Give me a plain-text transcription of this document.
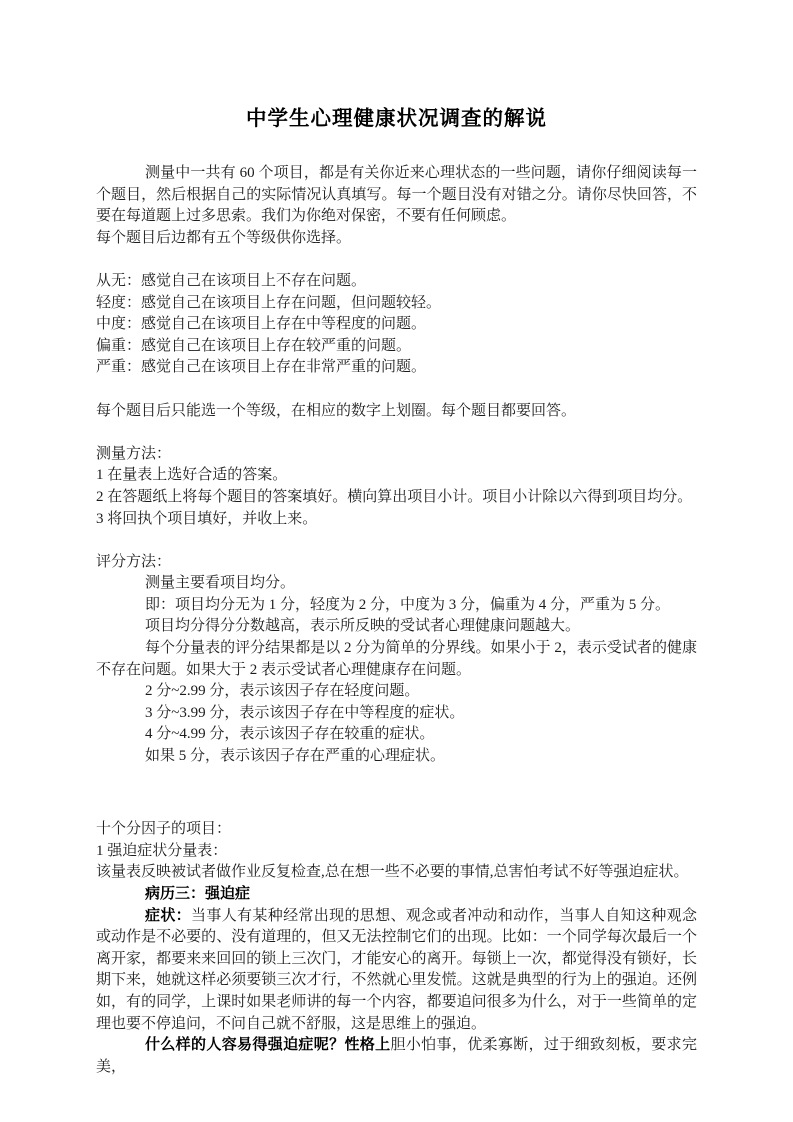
中学生心理健康状况调查的解说

测量中一共有 60 个项目，都是有关你近来心理状态的一些问题，请你仔细阅读每一个题目，然后根据自己的实际情况认真填写。每一个题目没有对错之分。请你尽快回答，不要在每道题上过多思索。我们为你绝对保密，不要有任何顾虑。

每个题目后边都有五个等级供你选择。

从无：感觉自己在该项目上不存在问题。

轻度：感觉自己在该项目上存在问题，但问题较轻。

中度：感觉自己在该项目上存在中等程度的问题。

偏重：感觉自己在该项目上存在较严重的问题。

严重：感觉自己在该项目上存在非常严重的问题。

每个题目后只能选一个等级，在相应的数字上划圈。每个题目都要回答。

测量方法：

1 在量表上选好合适的答案。

2 在答题纸上将每个题目的答案填好。横向算出项目小计。项目小计除以六得到项目均分。

3 将回执个项目填好，并收上来。

评分方法：

测量主要看项目均分。

即：项目均分无为 1 分，轻度为 2 分，中度为 3 分，偏重为 4 分，严重为 5 分。

项目均分得分分数越高，表示所反映的受试者心理健康问题越大。

每个分量表的评分结果都是以 2 分为简单的分界线。如果小于 2，表示受试者的健康不存在问题。如果大于 2 表示受试者心理健康存在问题。

2 分~2.99 分，表示该因子存在轻度问题。

3 分~3.99 分，表示该因子存在中等程度的症状。

4 分~4.99 分，表示该因子存在较重的症状。

如果 5 分，表示该因子存在严重的心理症状。

十个分因子的项目：

1 强迫症状分量表：

该量表反映被试者做作业反复检查,总在想一些不必要的事情,总害怕考试不好等强迫症状。

病历三：强迫症

症状：当事人有某种经常出现的思想、观念或者冲动和动作，当事人自知这种观念或动作是不必要的、没有道理的，但又无法控制它们的出现。比如：一个同学每次最后一个离开家，都要来来回回的锁上三次门，才能安心的离开。每锁上一次，都觉得没有锁好，长期下来，她就这样必须要锁三次才行，不然就心里发慌。这就是典型的行为上的强迫。还例如，有的同学，上课时如果老师讲的每一个内容，都要追问很多为什么，对于一些简单的定理也要不停追问，不问自己就不舒服，这是思维上的强迫。

什么样的人容易得强迫症呢？性格上胆小怕事，优柔寡断，过于细致刻板，要求完美，
